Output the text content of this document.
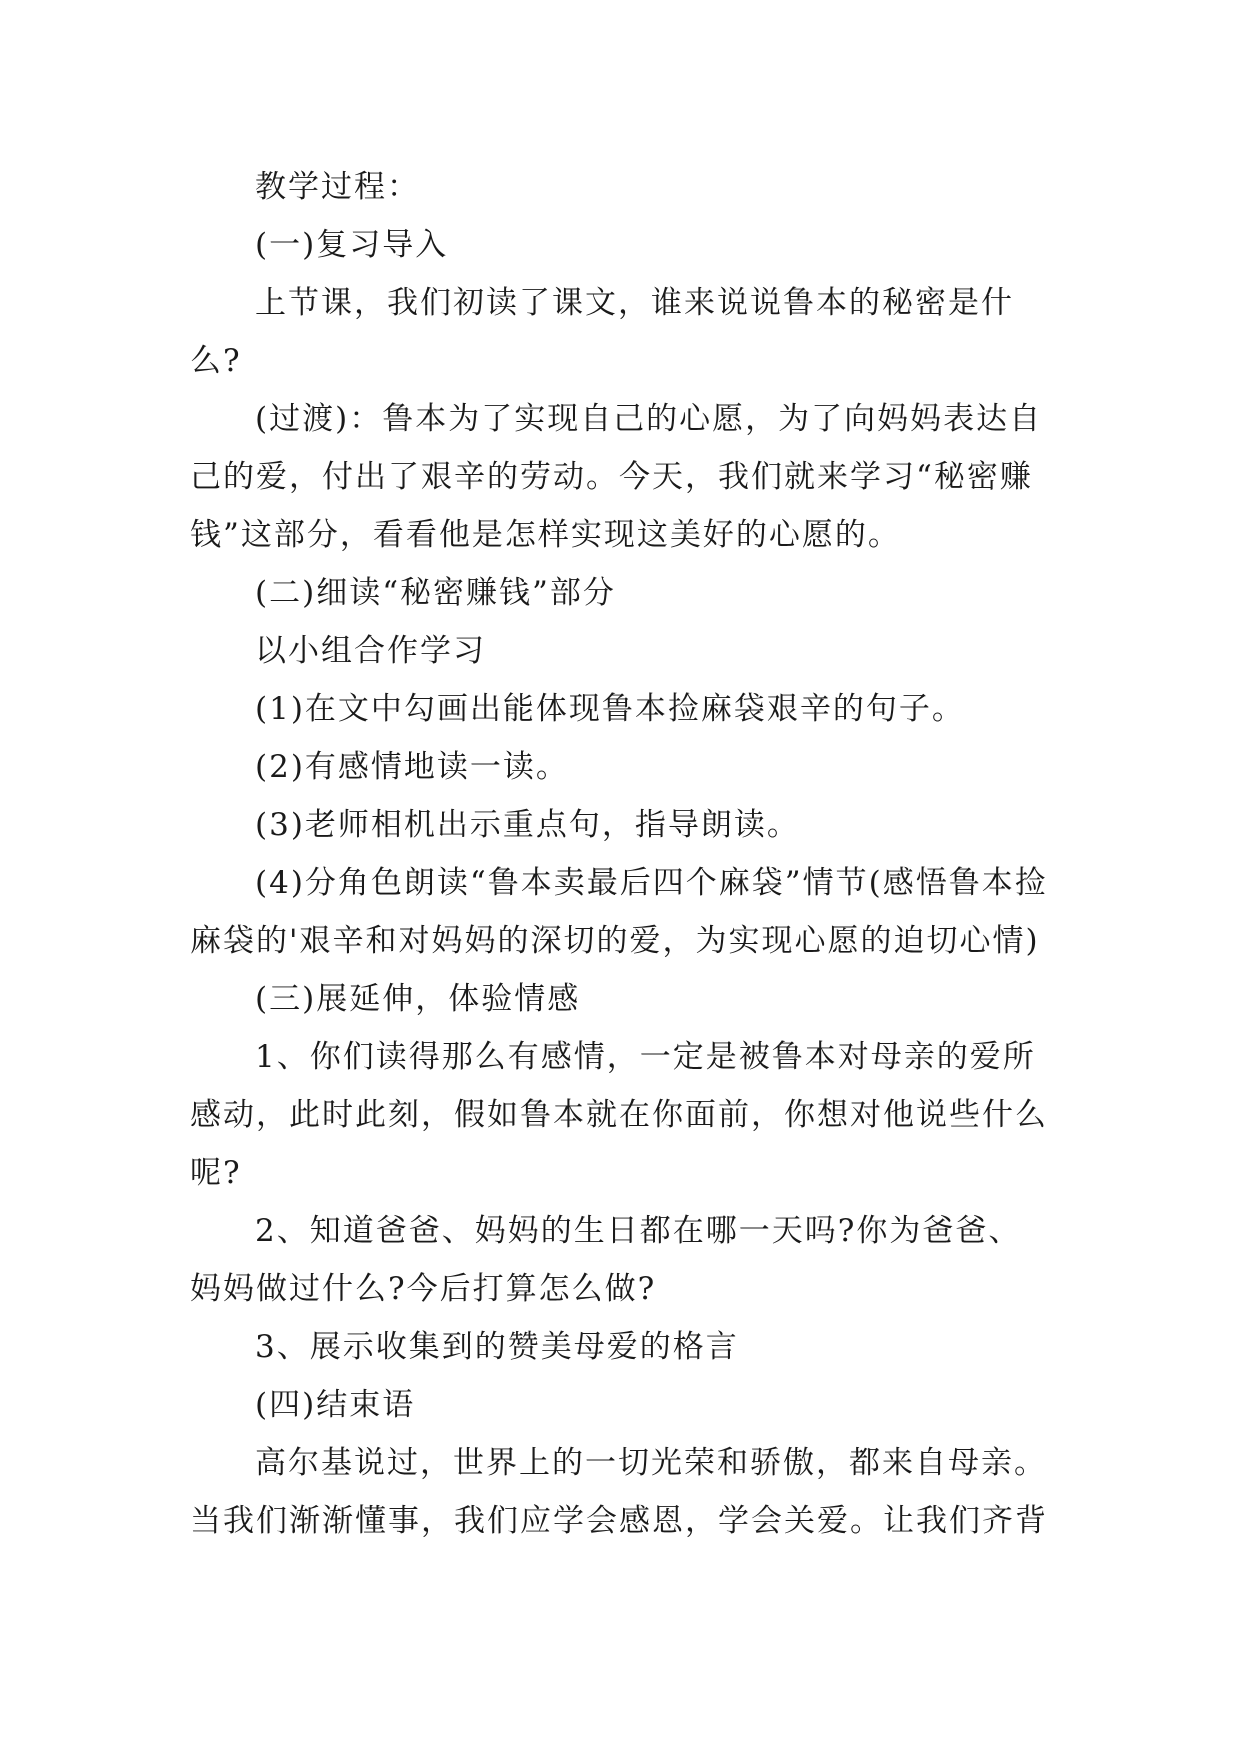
教学过程：

(一)复习导入

上节课，我们初读了课文，谁来说说鲁本的秘密是什么?

(过渡)：鲁本为了实现自己的心愿，为了向妈妈表达自己的爱，付出了艰辛的劳动。今天，我们就来学习“秘密赚钱”这部分，看看他是怎样实现这美好的心愿的。

(二)细读“秘密赚钱”部分

以小组合作学习

(1)在文中勾画出能体现鲁本捡麻袋艰辛的句子。

(2)有感情地读一读。

(3)老师相机出示重点句，指导朗读。

(4)分角色朗读“鲁本卖最后四个麻袋”情节(感悟鲁本捡麻袋的'艰辛和对妈妈的深切的爱，为实现心愿的迫切心情)

(三)展延伸，体验情感

1、你们读得那么有感情，一定是被鲁本对母亲的爱所感动，此时此刻，假如鲁本就在你面前，你想对他说些什么呢?

2、知道爸爸、妈妈的生日都在哪一天吗?你为爸爸、妈妈做过什么?今后打算怎么做?

3、展示收集到的赞美母爱的格言

(四)结束语

高尔基说过，世界上的一切光荣和骄傲，都来自母亲。当我们渐渐懂事，我们应学会感恩，学会关爱。让我们齐背
